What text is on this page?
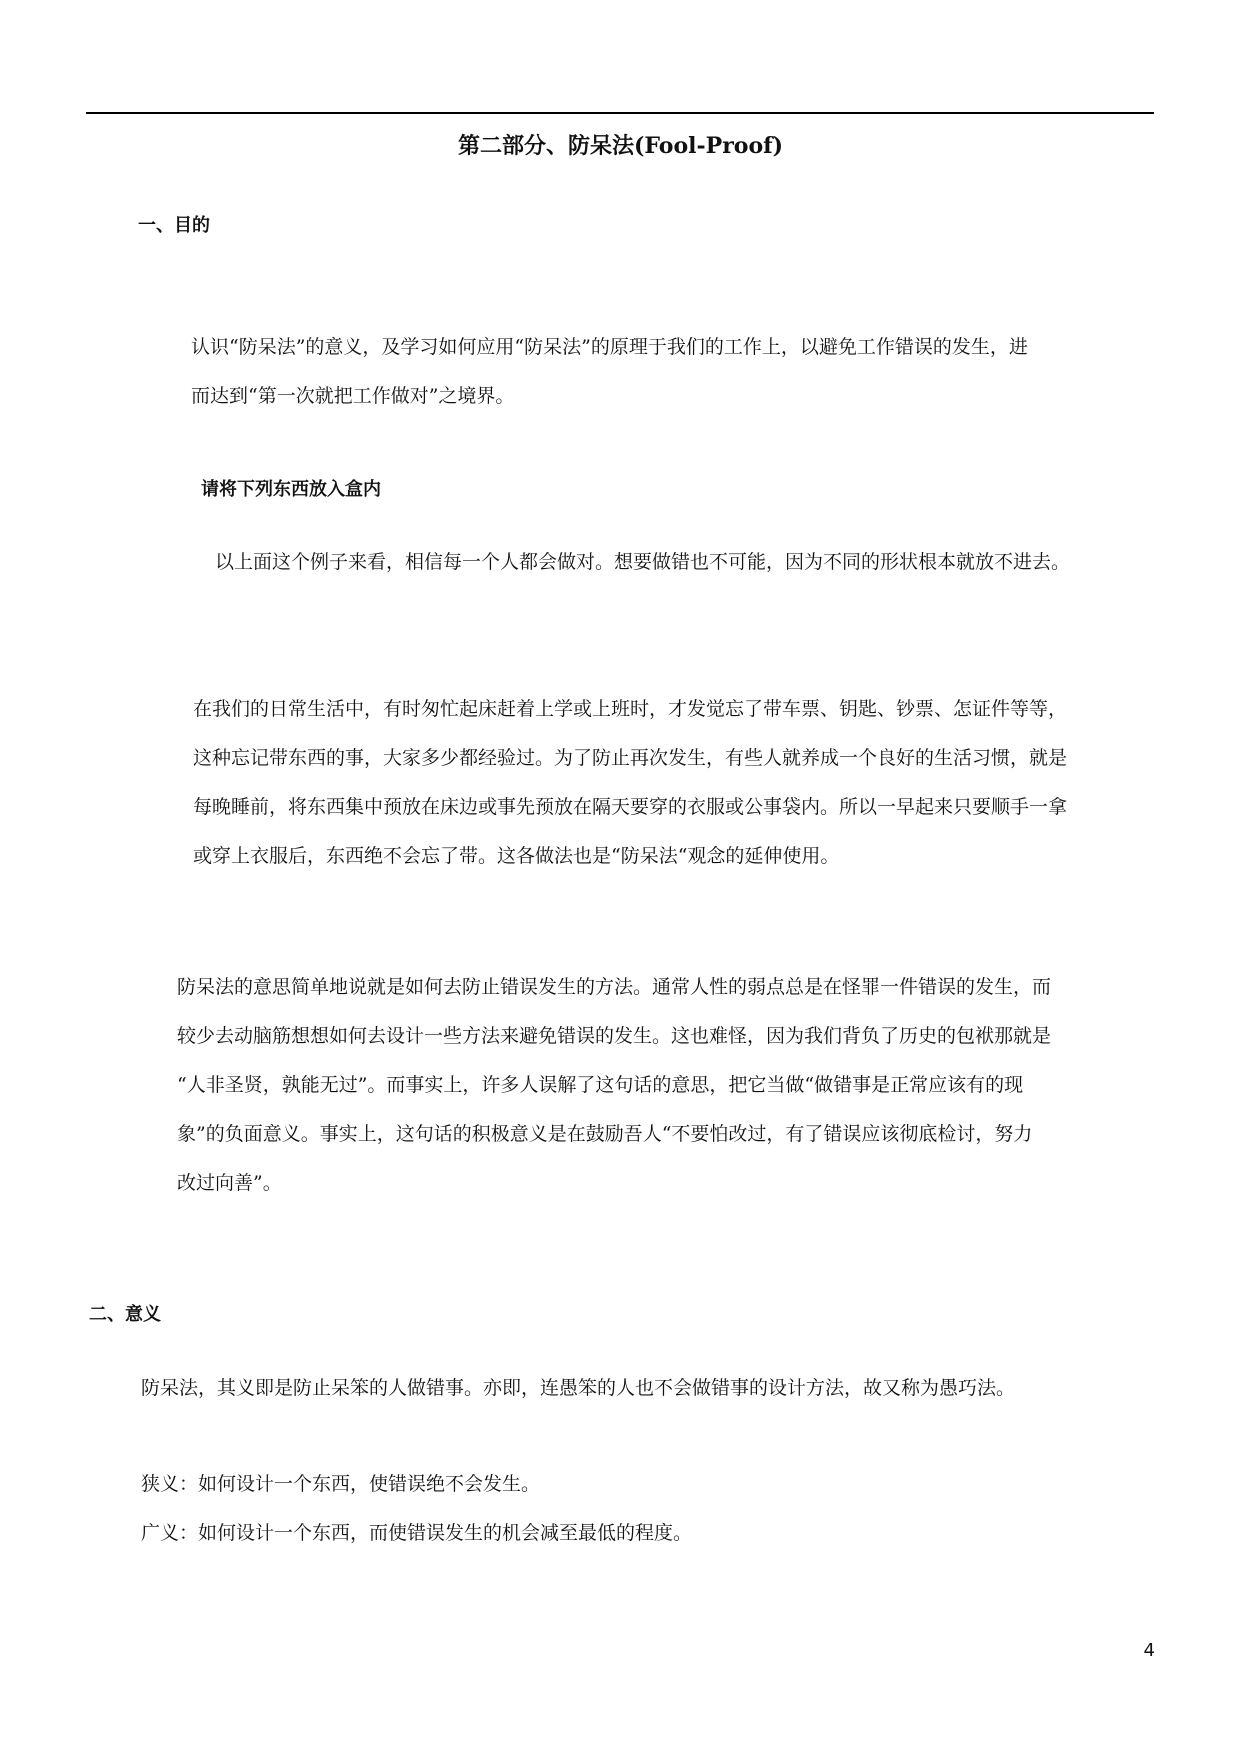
第二部分、防呆法(Fool-Proof)
一、目的

认识“防呆法”的意义，及学习如何应用“防呆法”的原理于我们的工作上，以避免工作错误的发生，进
而达到“第一次就把工作做对”之境界。

请将下列东西放入盒内

以上面这个例子来看，相信每一个人都会做对。想要做错也不可能，因为不同的形状根本就放不进去。

在我们的日常生活中，有时匆忙起床赶着上学或上班时，才发觉忘了带车票、钥匙、钞票、怎证件等等，
这种忘记带东西的事，大家多少都经验过。为了防止再次发生，有些人就养成一个良好的生活习惯，就是
每晚睡前，将东西集中预放在床边或事先预放在隔天要穿的衣服或公事袋内。所以一早起来只要顺手一拿
或穿上衣服后，东西绝不会忘了带。这各做法也是“防呆法“观念的延伸使用。

防呆法的意思简单地说就是如何去防止错误发生的方法。通常人性的弱点总是在怪罪一件错误的发生，而
较少去动脑筋想想如何去设计一些方法来避免错误的发生。这也难怪，因为我们背负了历史的包袱那就是
“人非圣贤，孰能无过”。而事实上，许多人误解了这句话的意思，把它当做“做错事是正常应该有的现
象”的负面意义。事实上，这句话的积极意义是在鼓励吾人“不要怕改过，有了错误应该彻底检讨，努力
改过向善”。

二、意义

防呆法，其义即是防止呆笨的人做错事。亦即，连愚笨的人也不会做错事的设计方法，故又称为愚巧法。

狭义：如何设计一个东西，使错误绝不会发生。

广义：如何设计一个东西，而使错误发生的机会减至最低的程度。

4
